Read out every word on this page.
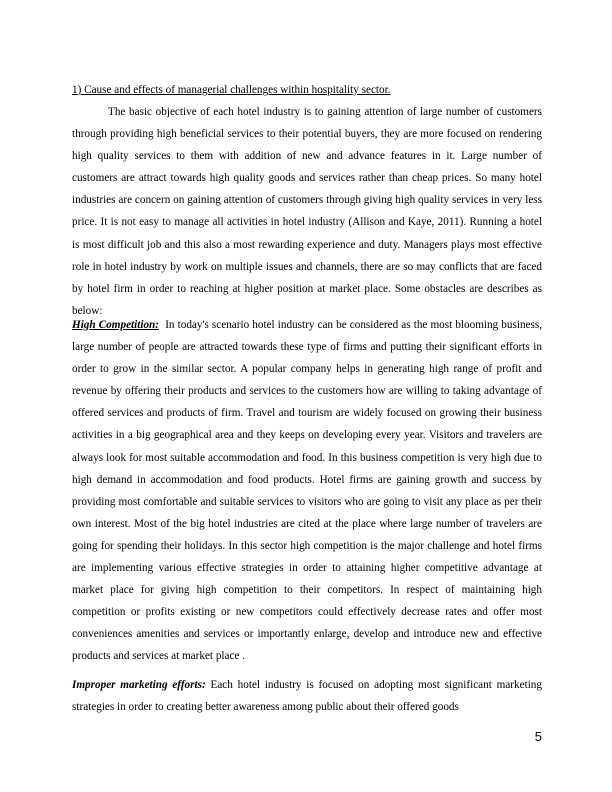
1) Cause and effects of managerial challenges within hospitality sector.

The basic objective of each hotel industry is to gaining attention of large number of customers through providing high beneficial services to their potential buyers, they are more focused on rendering high quality services to them with addition of new and advance features in it. Large number of customers are attract towards high quality goods and services rather than cheap prices. So many hotel industries are concern on gaining attention of customers through giving high quality services in very less price. It is not easy to manage all activities in hotel industry (Allison and Kaye, 2011). Running a hotel is most difficult job and this also a most rewarding experience and duty. Managers plays most effective role in hotel industry by work on multiple issues and channels, there are so may conflicts that are faced by hotel firm in order to reaching at higher position at market place. Some obstacles are describes as below:

High Competition: In today's scenario hotel industry can be considered as the most blooming business, large number of people are attracted towards these type of firms and putting their significant efforts in order to grow in the similar sector. A popular company helps in generating high range of profit and revenue by offering their products and services to the customers how are willing to taking advantage of offered services and products of firm. Travel and tourism are widely focused on growing their business activities in a big geographical area and they keeps on developing every year. Visitors and travelers are always look for most suitable accommodation and food. In this business competition is very high due to high demand in accommodation and food products. Hotel firms are gaining growth and success by providing most comfortable and suitable services to visitors who are going to visit any place as per their own interest. Most of the big hotel industries are cited at the place where large number of travelers are going for spending their holidays. In this sector high competition is the major challenge and hotel firms are implementing various effective strategies in order to attaining higher competitive advantage at market place for giving high competition to their competitors. In respect of maintaining high competition or profits existing or new competitors could effectively decrease rates and offer most conveniences amenities and services or importantly enlarge, develop and introduce new and effective products and services at market place .

Improper marketing efforts: Each hotel industry is focused on adopting most significant marketing strategies in order to creating better awareness among public about their offered goods

5
